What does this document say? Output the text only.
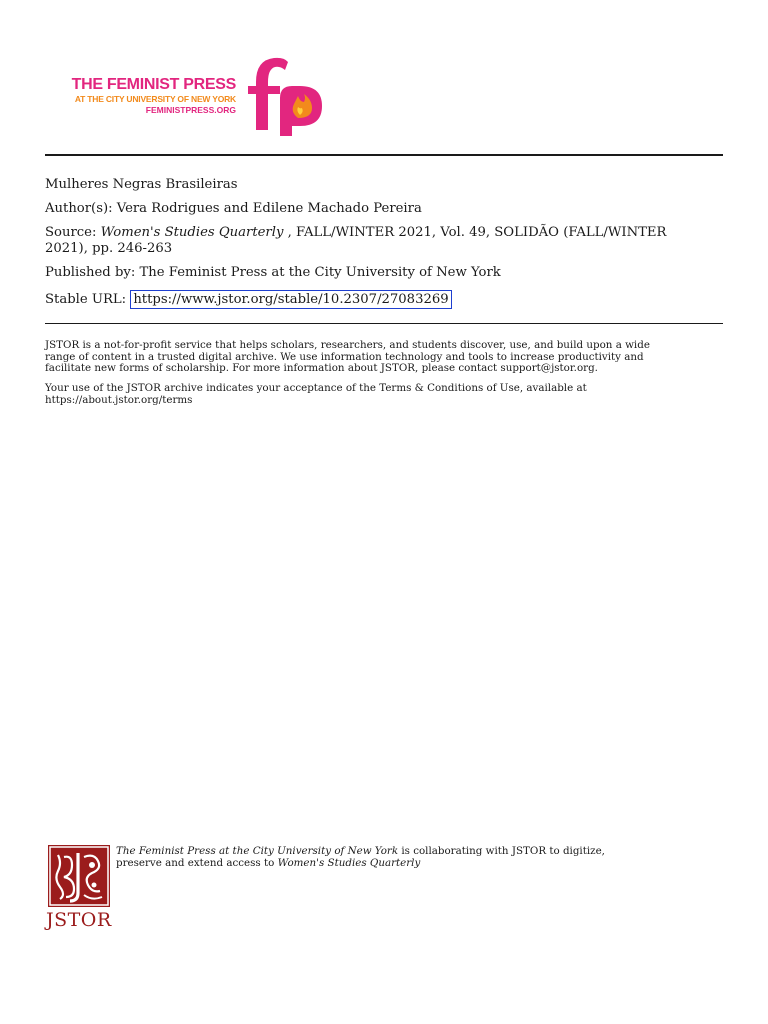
THE FEMINIST PRESS
AT THE CITY UNIVERSITY OF NEW YORK
FEMINISTPRESS.ORG
Mulheres Negras Brasileiras
Author(s): Vera Rodrigues and Edilene Machado Pereira
Source: Women's Studies Quarterly , FALL/WINTER 2021, Vol. 49, SOLIDÃO (FALL/WINTER
2021), pp. 246-263
Published by: The Feminist Press at the City University of New York
Stable URL: https://www.jstor.org/stable/10.2307/27083269
JSTOR is a not-for-profit service that helps scholars, researchers, and students discover, use, and build upon a wide
range of content in a trusted digital archive. We use information technology and tools to increase productivity and
facilitate new forms of scholarship. For more information about JSTOR, please contact support@jstor.org.
Your use of the JSTOR archive indicates your acceptance of the Terms & Conditions of Use, available at
https://about.jstor.org/terms
JSTOR
The Feminist Press at the City University of New York is collaborating with JSTOR to digitize,
preserve and extend access to Women's Studies Quarterly
